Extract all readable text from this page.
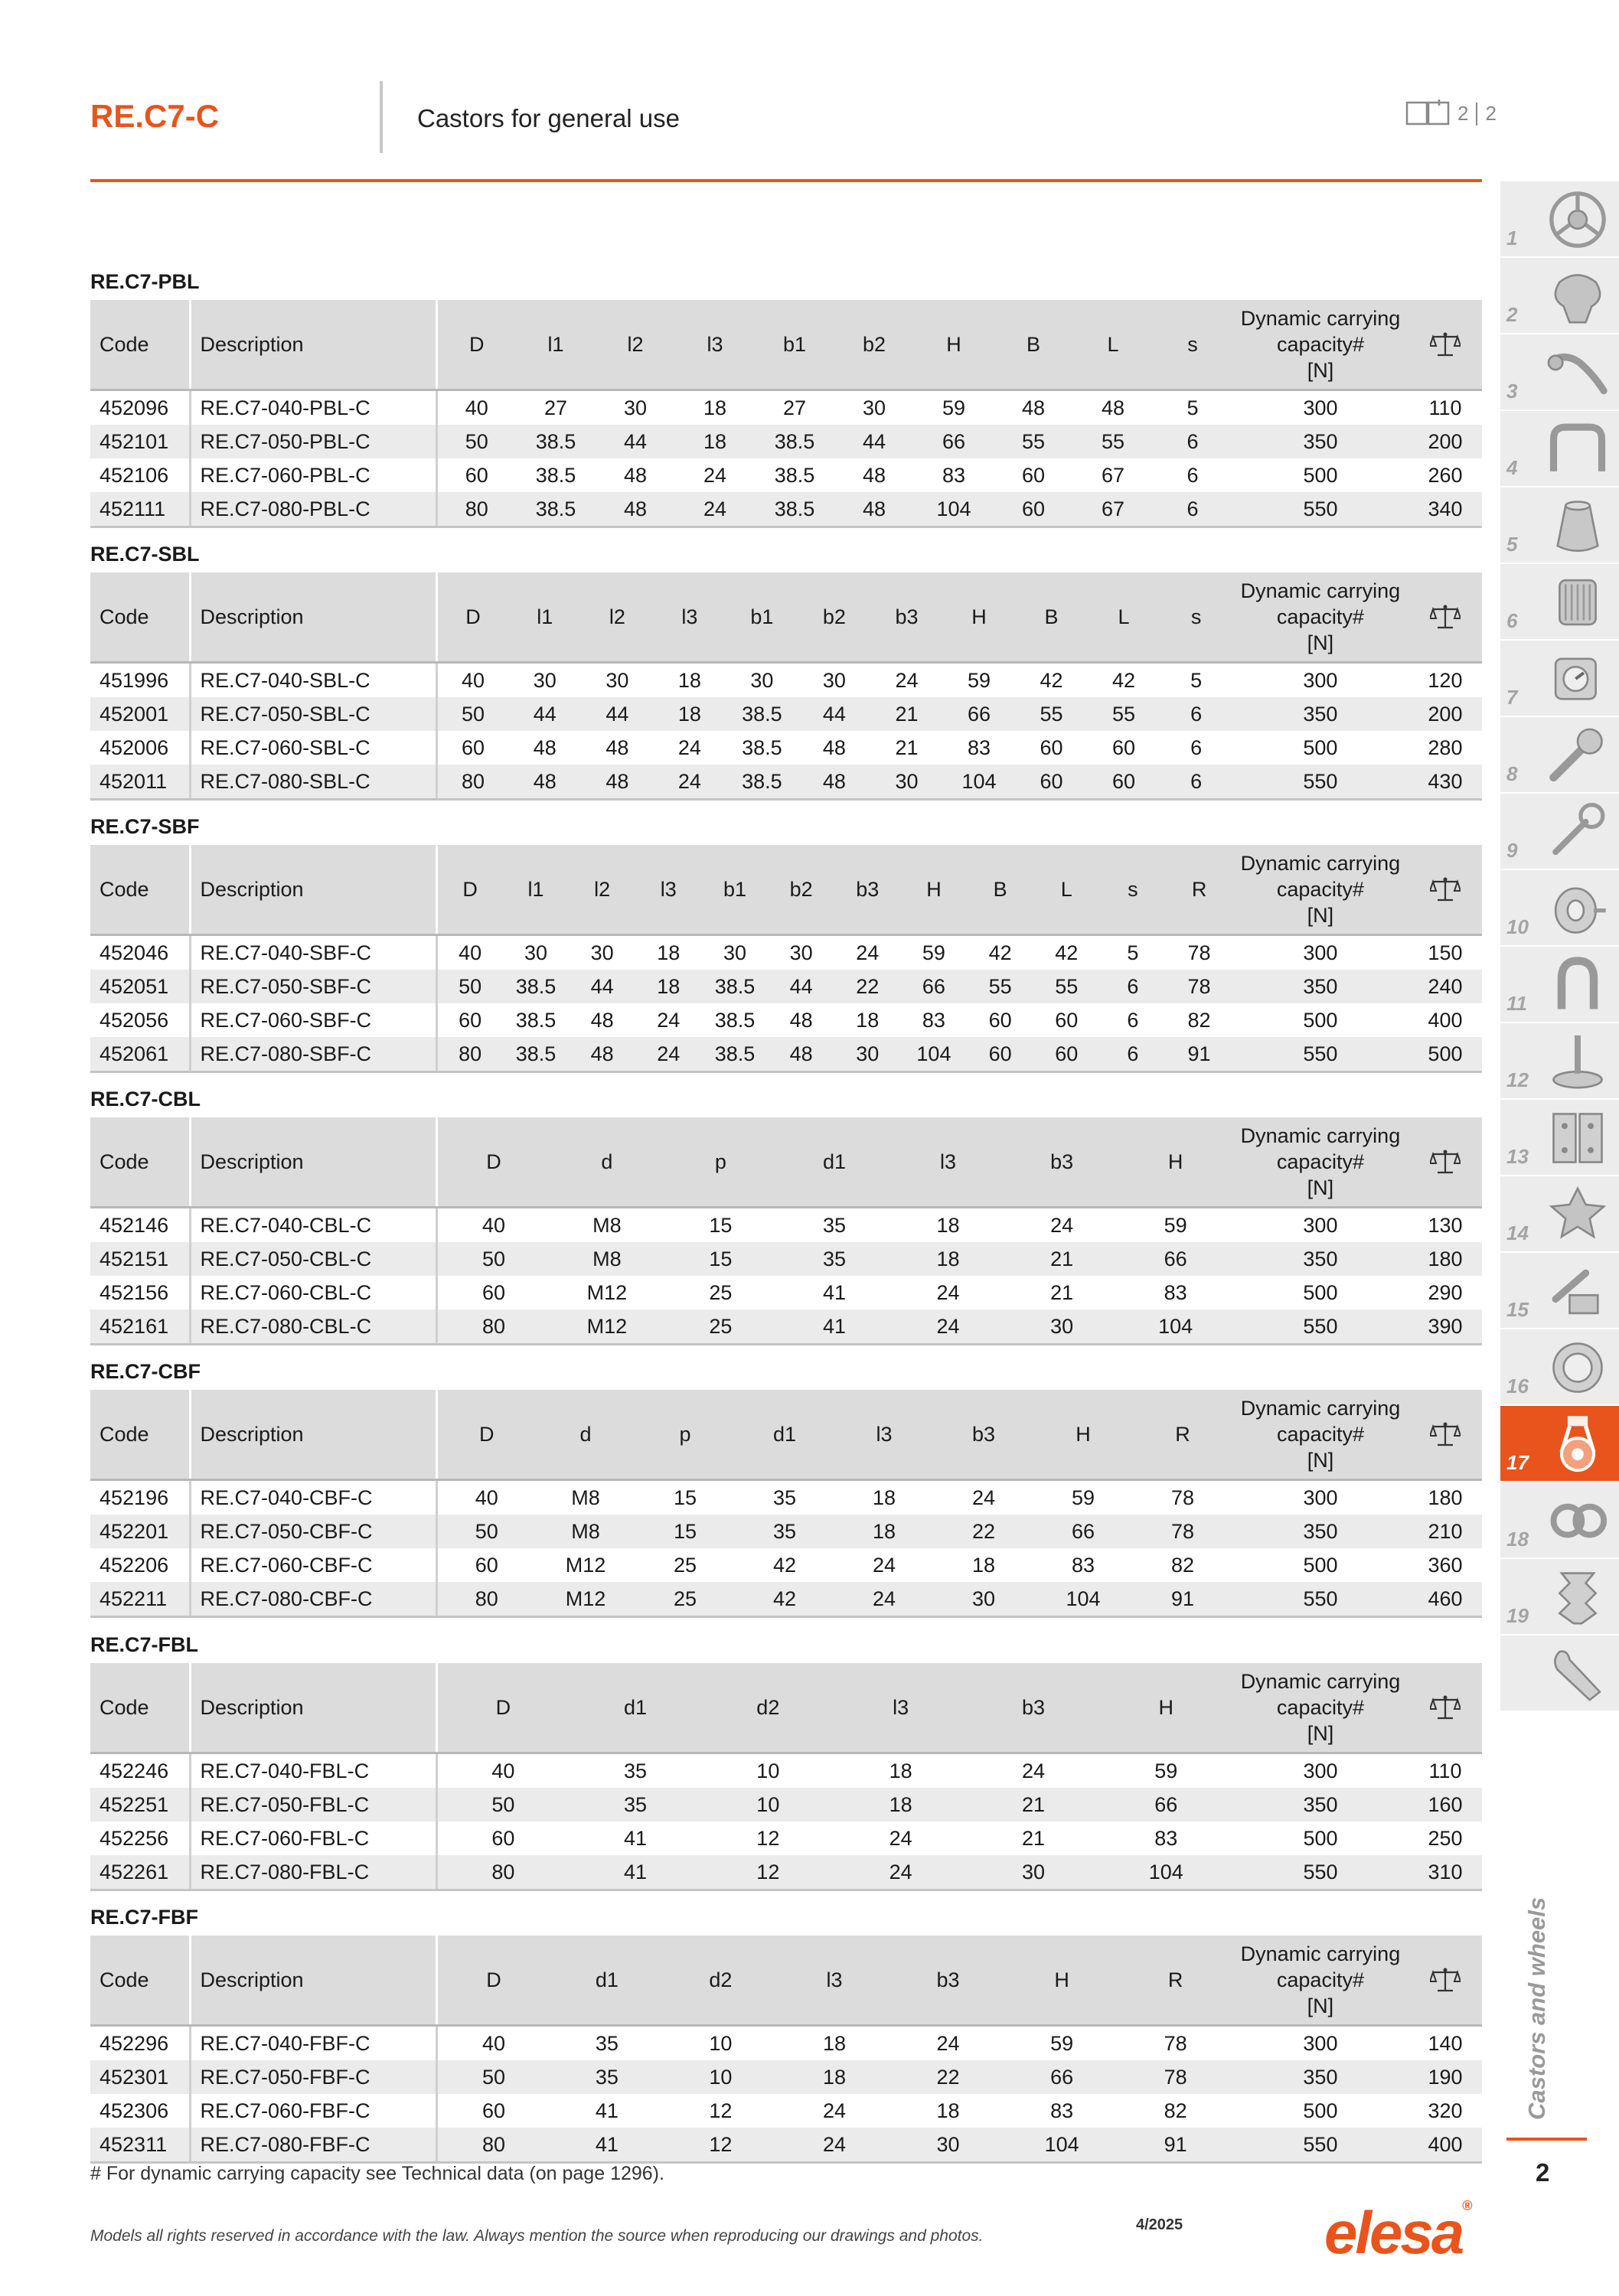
RE.C7-C	Castors for general use	2 2
RE.C7-PBL
Code	Description	D	l1	l2	l3	b1	b2	H	B	L	s	Dynamic carrying
capacity#
[N]	

452096	RE.C7-040-PBL-C	40	27	30	18	27	30	59	48	48	5	300	110
452101	RE.C7-050-PBL-C	50	38.5	44	18	38.5	44	66	55	55	6	350	200
452106	RE.C7-060-PBL-C	60	38.5	48	24	38.5	48	83	60	67	6	500	260
452111	RE.C7-080-PBL-C	80	38.5	48	24	38.5	48	104	60	67	6	550	340
RE.C7-SBL
Code	Description	D	l1	l2	l3	b1	b2	b3	H	B	L	s	Dynamic carrying
capacity#
[N]	

451996	RE.C7-040-SBL-C	40	30	30	18	30	30	24	59	42	42	5	300	120
452001	RE.C7-050-SBL-C	50	44	44	18	38.5	44	21	66	55	55	6	350	200
452006	RE.C7-060-SBL-C	60	48	48	24	38.5	48	21	83	60	60	6	500	280
452011	RE.C7-080-SBL-C	80	48	48	24	38.5	48	30	104	60	60	6	550	430
RE.C7-SBF
Code	Description	D	l1	l2	l3	b1	b2	b3	H	B	L	s	R	Dynamic carrying
capacity#
[N]	

452046	RE.C7-040-SBF-C	40	30	30	18	30	30	24	59	42	42	5	78	300	150
452051	RE.C7-050-SBF-C	50	38.5	44	18	38.5	44	22	66	55	55	6	78	350	240
452056	RE.C7-060-SBF-C	60	38.5	48	24	38.5	48	18	83	60	60	6	82	500	400
452061	RE.C7-080-SBF-C	80	38.5	48	24	38.5	48	30	104	60	60	6	91	550	500
RE.C7-CBL
Code	Description	D	d	p	d1	l3	b3	H	Dynamic carrying
capacity#
[N]	

452146	RE.C7-040-CBL-C	40	M8	15	35	18	24	59	300	130
452151	RE.C7-050-CBL-C	50	M8	15	35	18	21	66	350	180
452156	RE.C7-060-CBL-C	60	M12	25	41	24	21	83	500	290
452161	RE.C7-080-CBL-C	80	M12	25	41	24	30	104	550	390
RE.C7-CBF
Code	Description	D	d	p	d1	l3	b3	H	R	Dynamic carrying
capacity#
[N]	

452196	RE.C7-040-CBF-C	40	M8	15	35	18	24	59	78	300	180
452201	RE.C7-050-CBF-C	50	M8	15	35	18	22	66	78	350	210
452206	RE.C7-060-CBF-C	60	M12	25	42	24	18	83	82	500	360
452211	RE.C7-080-CBF-C	80	M12	25	42	24	30	104	91	550	460
RE.C7-FBL
Code	Description	D	d1	d2	l3	b3	H	Dynamic carrying
capacity#
[N]	

452246	RE.C7-040-FBL-C	40	35	10	18	24	59	300	110
452251	RE.C7-050-FBL-C	50	35	10	18	21	66	350	160
452256	RE.C7-060-FBL-C	60	41	12	24	21	83	500	250
452261	RE.C7-080-FBL-C	80	41	12	24	30	104	550	310
RE.C7-FBF
Code	Description	D	d1	d2	l3	b3	H	R	Dynamic carrying
capacity#
[N]	

452296	RE.C7-040-FBF-C	40	35	10	18	24	59	78	300	140
452301	RE.C7-050-FBF-C	50	35	10	18	22	66	78	350	190
452306	RE.C7-060-FBF-C	60	41	12	24	18	83	82	500	320
452311	RE.C7-080-FBF-C	80	41	12	24	30	104	91	550	400
# For dynamic carrying capacity see Technical data (on page 1296).
Models all rights reserved in accordance with the law. Always mention the source when reproducing our drawings and photos.
4/2025 elesa®
1
2
3
4
5
6
7
8
9
10
11
12
13
14
15
16
17
18
19
Castors and wheels
2
